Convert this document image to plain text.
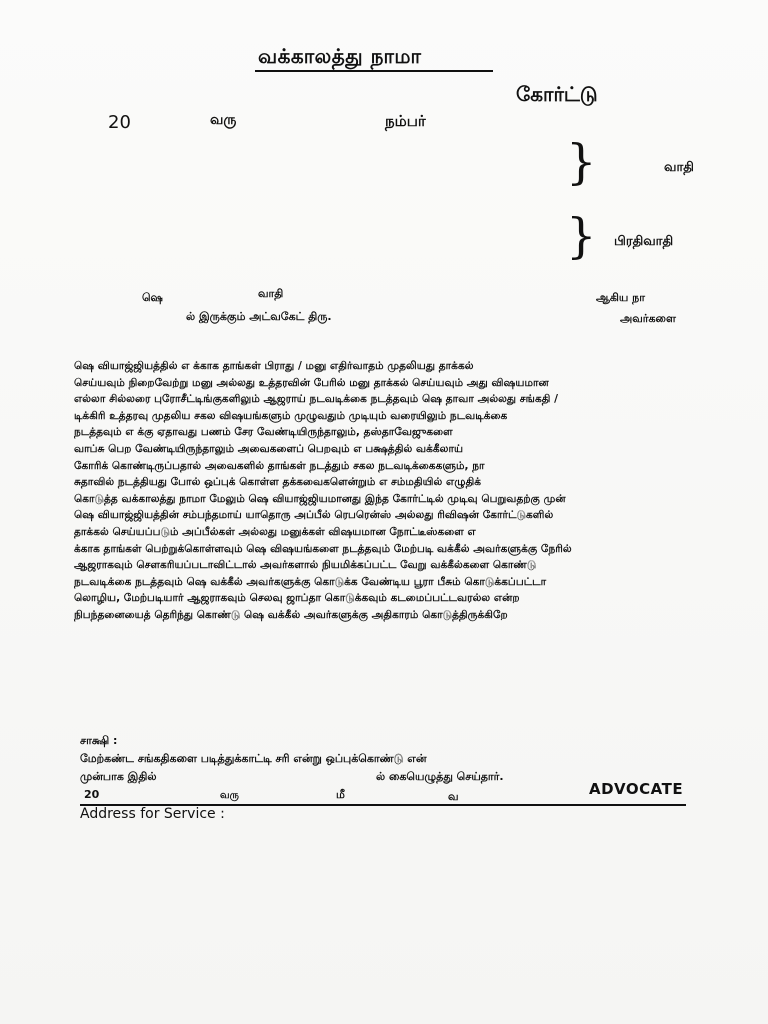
வக்காலத்து நாமா
கோர்ட்டு
20	வரு	நம்பர்
}	வாதி
} பிரதிவாதி
ஷெ	வாதி	ஆகிய நா
ல் இருக்கும் அட்வகேட் திரு.	அவர்களை
ஷெ வியாஜ்ஜியத்தில் எ க்காக தாங்கள் பிராது / மனு எதிர்வாதம் முதலியது தாக்கல்
செய்யவும் நிறைவேற்று மனு அல்லது உத்தரவின் பேரில் மனு தாக்கல் செய்யவும் அது விஷயமான
எல்லா சில்லரை புரோசீட்டிங்குகளிலும் ஆஜராய் நடவடிக்கை நடத்தவும் ஷெ தாவா அல்லது சங்கதி /
டிக்கிரி உத்தரவு முதலிய சகல விஷயங்களும் முழுவதும் முடியும் வரையிலும் நடவடிக்கை
நடத்தவும் எ க்கு ஏதாவது பணம் சேர வேண்டியிருந்தாலும், தஸ்தாவேஜுகளை
வாப்சு பெற வேண்டியிருந்தாலும் அவைகளைப் பெறவும் எ பக்ஷத்தில் வக்கீலாய்
கோரிக் கொண்டிருப்பதால் அவைகளில் தாங்கள் நடத்தும் சகல நடவடிக்கைகளும், நா
சுதாவில் நடத்தியது போல் ஒப்புக் கொள்ள தக்கவைகளென்றும் எ சம்மதியில் எழுதிக்
கொடுத்த வக்காலத்து நாமா மேலும் ஷெ வியாஜ்ஜியமானது இந்த கோர்ட்டில் முடிவு பெறுவதற்கு முன்
ஷெ வியாஜ்ஜியத்தின் சம்பந்தமாய் யாதொரு அப்பீல் ரெபரென்ஸ் அல்லது ரிவிஷன் கோர்ட்டுகளில்
தாக்கல் செய்யப்படும் அப்பீல்கள் அல்லது மனுக்கள் விஷயமான நோட்டீஸ்களை எ
க்காக தாங்கள் பெற்றுக்கொள்ளவும் ஷெ விஷயங்களை நடத்தவும் மேற்படி வக்கீல் அவர்களுக்கு நேரில்
ஆஜராகவும் சௌகரியப்படாவிட்டால் அவர்களால் நியமிக்கப்பட்ட வேறு வக்கீல்களை கொண்டு
நடவடிக்கை நடத்தவும் ஷெ வக்கீல் அவர்களுக்கு கொடுக்க வேண்டிய பூரா பீசும் கொடுக்கப்பட்டா
லொழிய, மேற்படியார் ஆஜராகவும் செலவு ஜாப்தா கொடுக்கவும் கடமைப்பட்டவரல்ல என்ற
நிபந்தனையைத் தெரிந்து கொண்டு ஷெ வக்கீல் அவர்களுக்கு அதிகாரம் கொடுத்திருக்கிறே
சாக்ஷி :
மேற்கண்ட சங்கதிகளை படித்துக்காட்டி சரி என்று ஒப்புக்கொண்டு என்
முன்பாக இதில்	ல் கையெழுத்து செய்தார்.
20	வரு	மீ	வ	ADVOCATE
Address for Service :
